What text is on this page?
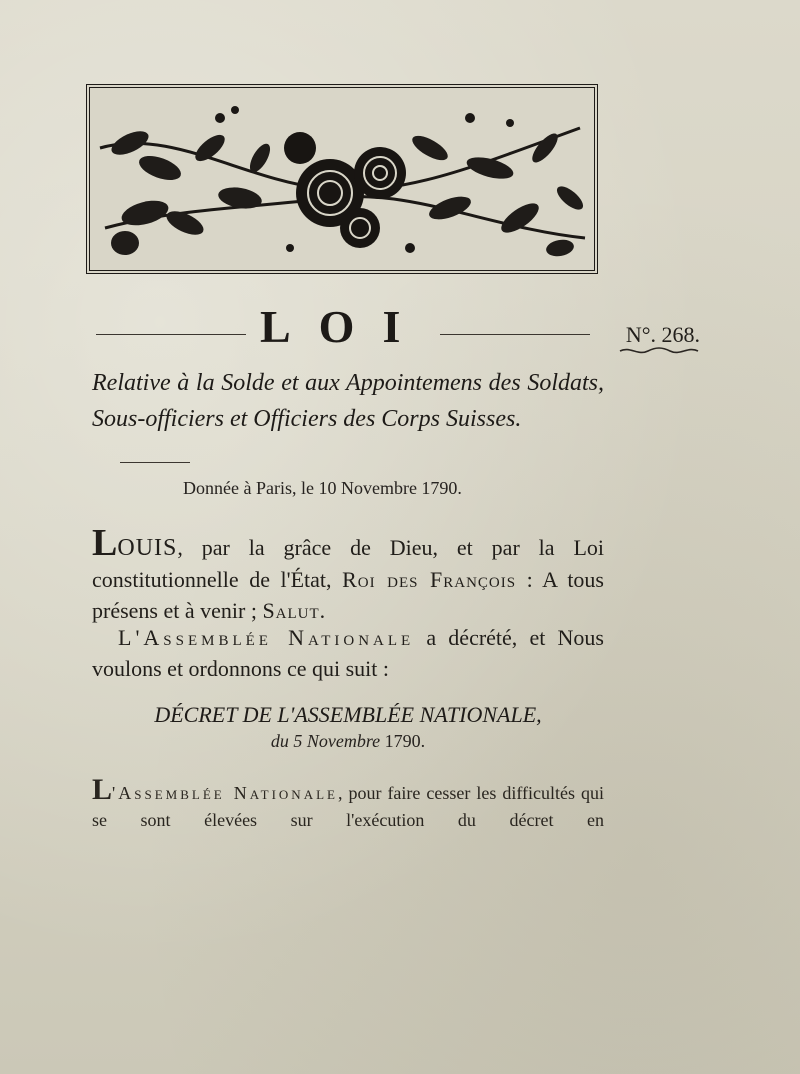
LOI	N°. 268.
Relative à la Solde et aux Appointemens des Soldats, Sous-officiers et Officiers des Corps Suisses.
Donnée à Paris, le 10 Novembre 1790.
LOUIS, par la grâce de Dieu, et par la Loi constitutionnelle de l'État, Roi des François : A tous présens et à venir ; Salut.
L'Assemblée Nationale a décrété, et Nous voulons et ordonnons ce qui suit :
DÉCRET DE L'ASSEMBLÉE NATIONALE,
du 5 Novembre 1790.
L'Assemblée Nationale, pour faire cesser les difficultés qui se sont élevées sur l'exécution du décret en
